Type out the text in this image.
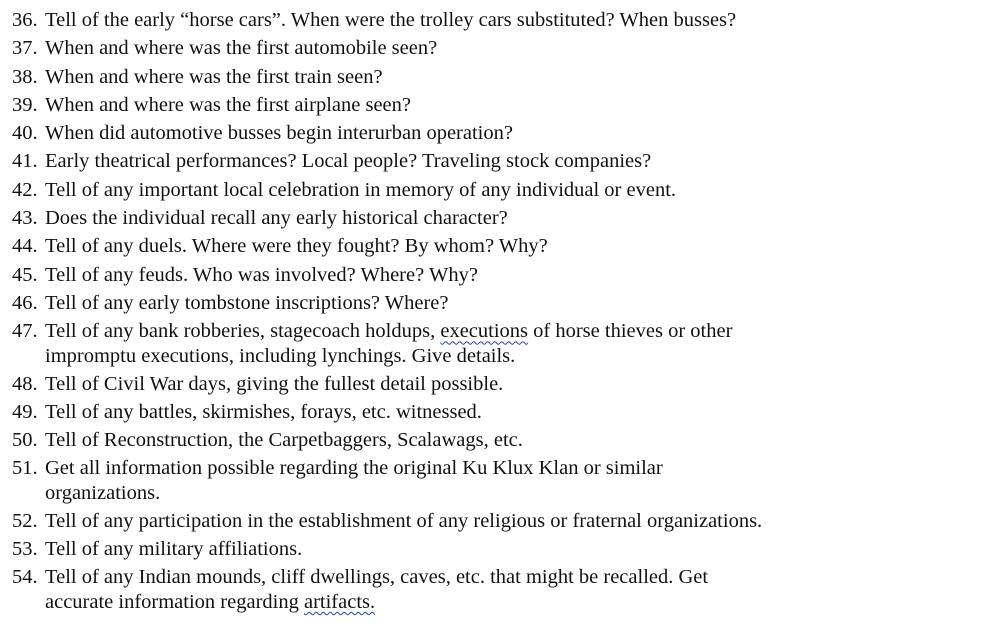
36. Tell of the early “horse cars”. When were the trolley cars substituted? When busses?
37. When and where was the first automobile seen?
38. When and where was the first train seen?
39. When and where was the first airplane seen?
40. When did automotive busses begin interurban operation?
41. Early theatrical performances? Local people? Traveling stock companies?
42. Tell of any important local celebration in memory of any individual or event.
43. Does the individual recall any early historical character?
44. Tell of any duels. Where were they fought? By whom? Why?
45. Tell of any feuds. Who was involved? Where? Why?
46. Tell of any early tombstone inscriptions? Where?
47. Tell of any bank robberies, stagecoach holdups, executions of horse thieves or other
impromptu executions, including lynchings. Give details.
48. Tell of Civil War days, giving the fullest detail possible.
49. Tell of any battles, skirmishes, forays, etc. witnessed.
50. Tell of Reconstruction, the Carpetbaggers, Scalawags, etc.
51. Get all information possible regarding the original Ku Klux Klan or similar
organizations.
52. Tell of any participation in the establishment of any religious or fraternal organizations.
53. Tell of any military affiliations.
54. Tell of any Indian mounds, cliff dwellings, caves, etc. that might be recalled. Get
accurate information regarding artifacts.
